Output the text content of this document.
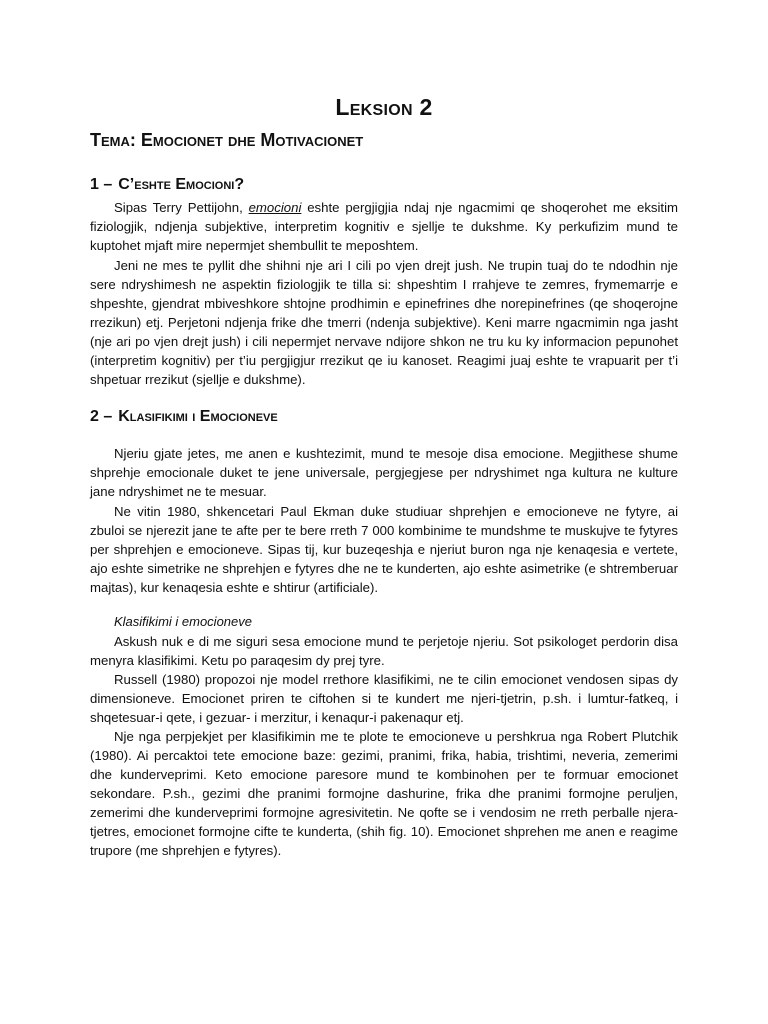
Leksion 2
Tema: Emocionet dhe Motivacionet
1 – C’eshte Emocioni?

Sipas Terry Pettijohn, emocioni eshte pergjigjia ndaj nje ngacmimi qe shoqerohet me eksitim fiziologjik, ndjenja subjektive, interpretim kognitiv e sjellje te dukshme. Ky perkufizim mund te kuptohet mjaft mire nepermjet shembullit te meposhtem.

Jeni ne mes te pyllit dhe shihni nje ari I cili po vjen drejt jush. Ne trupin tuaj do te ndodhin nje sere ndryshimesh ne aspektin fiziologjik te tilla si: shpeshtim I rrahjeve te zemres, frymemarrje e shpeshte, gjendrat mbiveshkore shtojne prodhimin e epinefrines dhe norepinefrines (qe shoqerojne rrezikun) etj. Perjetoni ndjenja frike dhe tmerri (ndenja subjektive). Keni marre ngacmimin nga jasht (nje ari po vjen drejt jush) i cili nepermjet nervave ndijore shkon ne tru ku ky informacion pepunohet (interpretim kognitiv) per t’iu pergjigjur rrezikut qe iu kanoset. Reagimi juaj eshte te vrapuarit per t’i shpetuar rrezikut (sjellje e dukshme).

2 – Klasifikimi i Emocioneve

Njeriu gjate jetes, me anen e kushtezimit, mund te mesoje disa emocione. Megjithese shume shprehje emocionale duket te jene universale, pergjegjese per ndryshimet nga kultura ne kulture jane ndryshimet ne te mesuar.

Ne vitin 1980, shkencetari Paul Ekman duke studiuar shprehjen e emocioneve ne fytyre, ai zbuloi se njerezit jane te afte per te bere rreth 7 000 kombinime te mundshme te muskujve te fytyres per shprehjen e emocioneve. Sipas tij, kur buzeqeshja e njeriut buron nga nje kenaqesia e vertete, ajo eshte simetrike ne shprehjen e fytyres dhe ne te kunderten, ajo eshte asimetrike (e shtremberuar majtas), kur kenaqesia eshte e shtirur (artificiale).

Klasifikimi i emocioneve

Askush nuk e di me siguri sesa emocione mund te perjetoje njeriu. Sot psikologet perdorin disa menyra klasifikimi. Ketu po paraqesim dy prej tyre.

Russell (1980) propozoi nje model rrethore klasifikimi, ne te cilin emocionet vendosen sipas dy dimensioneve. Emocionet priren te ciftohen si te kundert me njeri-tjetrin, p.sh. i lumtur-fatkeq, i shqetesuar-i qete, i gezuar- i merzitur, i kenaqur-i pakenaqur etj.

Nje nga perpjekjet per klasifikimin me te plote te emocioneve u pershkrua nga Robert Plutchik (1980). Ai percaktoi tete emocione baze: gezimi, pranimi, frika, habia, trishtimi, neveria, zemerimi dhe kunderveprimi. Keto emocione paresore mund te kombinohen per te formuar emocionet sekondare. P.sh., gezimi dhe pranimi formojne dashurine, frika dhe pranimi formojne peruljen, zemerimi dhe kunderveprimi formojne agresivitetin. Ne qofte se i vendosim ne rreth perballe njera-tjetres, emocionet formojne cifte te kunderta, (shih fig. 10). Emocionet shprehen me anen e reagime trupore (me shprehjen e fytyres).
